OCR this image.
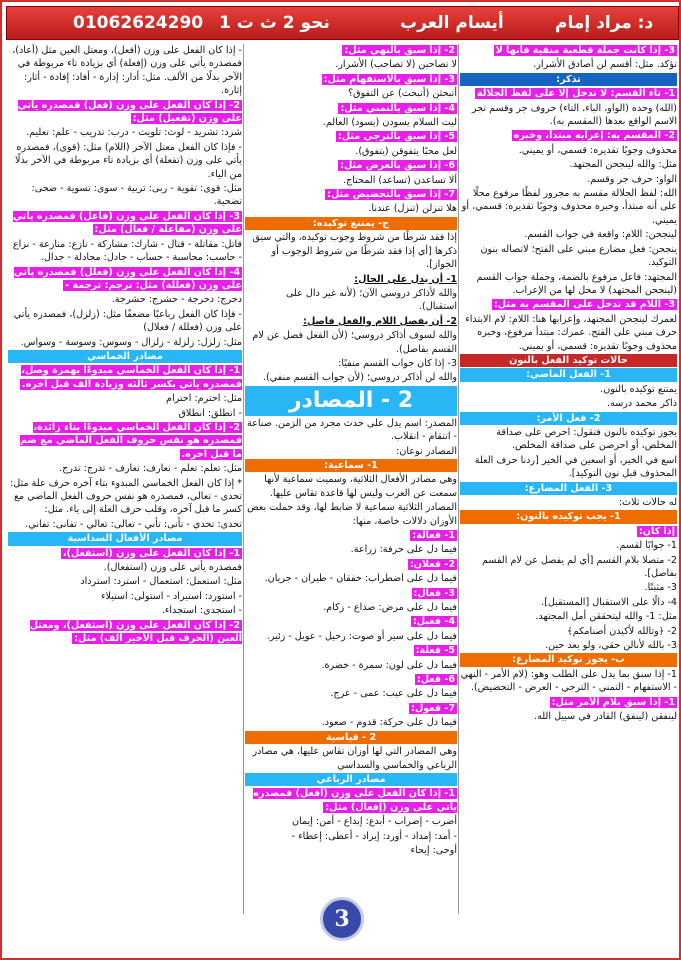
01062624290 نحو 2 ث ت 1	أيسام العرب	د: مراد إمام

3- إذا كانت جملة قطعية منفية فأنها لا

تؤكد. مثل: أقسم لن أصادق الأشرار.

تذكر:

1- تاء القسم: لا تدخل إلا على لفظ الجلالة

(الله) وحده (الواو، الباء، التاء) حروف جر وقسم تجر الاسم الواقع بعدها (المقسم به).

2- المقسم به: إعرابه مبتدأ، وخبره

محذوف وجوبًا تقديره: قسمي، أو يميني.

مثل: والله لينجحن المجتهد.

الواو: حرف جر وقسم.

الله: لفظ الجلالة مقسم به مجرور لفظًا مرفوع محلًا على أنه مبتدأ، وخبره محذوف وجوبًا تقديره: قسمي، أو يميني.

لينجحن: اللام: واقعة في جواب القسم.

ينجحن: فعل مضارع مبني على الفتح؛ لاتصاله بنون التوكيد.

المجتهد: فاعل مرفوع بالضمة، وجملة جواب القسم (لينجحن المجتهد) لا محل لها من الإعراب.

3- اللام قد تدخل على المقسم به مثل:

لعمرك لينجحن المجتهد، وإعرابها هنا: اللام: لام الابتداء حرف مبني على الفتح. عمرك: مبتدأ مرفوع، وخبره محذوف وجوبًا تقديره: قسمي، أو يميني.

حالات توكيد الفعل بالنون

1- الفعل الماضي:

يمتنع توكيده بالنون.

ذاكر محمد درسه.

2- فعل الأمر:

يجوز توكيده بالنون فتقول: احرص على صداقة المخلص، أو احرصن على صداقة المخلص.

اسع في الخير، أو اسعين في الخير [ردنا حرف العلة المحذوف قبل نون التوكيد].

3- الفعل المضارع:

له حالات ثلاث:

1- يجب توكيده بالنون:

إذا كان:

1- جوابًا لقسم.

2- متصلا بلام القسم [أي لم يفصل عن لام القسم بفاصل].

3- مثبتًا.

4- دالًا على الاستقبال [المستقبل].

مثل: 1- والله ليتحققن أمل المجتهد.

2- ﴿وتالله لأكيدن أصنامكم﴾

3- بالله لأنالن حقي، ولو بعد حين.

ب- يجوز توكيد المضارع:

1- إذا سبق بما يدل على الطلب وهو: (لام الأمر - النهي - الاستفهام - التمني - الترجي - العرض - التحضيض).

1- إذا سبق بلام الأمر مثل:

لينفقن (لينفق) القادر في سبيل الله.

2- إذا سبق بالنهي مثل:

لا تصاحبن (لا تصاحب) الأشرار.

3- إذا سبق بالاستفهام مثل:

أتبحثن (أتبحث) عن التفوق؟

4- إذا سبق بالتمني مثل:

ليت السلام يسودن (يسود) العالم.

5- إذا سبق بالترجي مثل:

لعل محبًا يتفوقن (يتفوق).

6- إذا سبق بالعرض مثل:

ألا تساعدن (تساعد) المحتاج.

7- إذا سبق بالتحضيض مثل:

هلا تنزلن (تنزل) عندنا.

ج- يمتنع توكيده:

إذا فقد شرطًا من شروط وجوب توكيده، والتي سبق ذكرها [أي إذا فقد شرطًا من شروط الوجوب أو الجواز].

1- أن يدل على الحال:

والله لأذاكر دروسي الآن؛ (لأنه غير دال على استقبال).

2- أن يفصل اللام والفعل فاصل:

والله لسوف أذاكر دروسي؛ (لأن الفعل فصل عن لام القسم بفاصل).

3- إذا كان جواب القسم منفيًا:

والله لن أذاكر دروسي؛ (لأن جواب القسم منفي).

2 - المصادر

المصدر: اسم يدل على حدث مجرد من الزمن. صناعة - انتقام - انقلاب.

المصادر نوعان:

1- سماعية:

وهي مصادر الأفعال الثلاثية، وسميت سماعية لأنها سمعت عن العرب وليس لها قاعدة تقاس عليها.

المصادر الثلاثية سماعية لا ضابط لها، وقد حملت بعض الأوزان دلالات خاصة، منها:

1- فعالة:

فيما دل على حرفة: زراعة.

2- فعلان:

فيما دل على اضطراب: خفقان - طيران - جريان.

3- فعال:

فيما دل على مرض: صداع - زكام.

4- فعيل:

فيما دل على سير أو صوت: رحيل - عويل - زئير.

5- فعلة:

فيما دل على لون: سمرة - خضرة.

6- فعل:

فيما دل على عيب: عمى - عرج.

7- فعول:

فيما دل على حركة: قدوم - صعود.

2 - قياسية

وهي المصادر التي لها أوزان تقاس عليها، هي مصادر الرباعي والخماسي والسداسي

مصادر الرباعي

1- إذا كان الفعل على وزن (أفعل) فمصدره يأتي على وزن (إفعال) مثل:

أضرب - إضراب - أبدع: إبداع - أمن: إيمان

- أمد: إمداد - أورد: إيراد - أعطى: إعطاء -

أوحى: إيحاء

- إذا كان الفعل على وزن (أفعل)، ومعتل العين مثل (أعاد)، فمصدره يأتي على وزن (إفعلة) أي بزيادة تاء مربوطة في الآخر بدلًا من الألف. مثل: أدار: إدارة - أفاد: إفادة - أثار: إثارة.

2- إذا كان الفعل على وزن (فعل) فمصدره يأتي على وزن (تفعيل) مثل:

شرد: تشريد - لوث: تلويث - درب: تدريب - علم: تعليم.

- فإذا كان الفعل معتل الآخر (اللام) مثل: (قوى)، فمصدره يأتي على وزن (تفعلة) أي بزيادة تاء مربوطة في الآخر بدلًا من الياء.

مثل: قوى: تقوية - ربى: تربية - سوى: تسوية - ضحى: تضحية.

3- إذا كان الفعل على وزن (فاعل) فمصدره يأتي على وزن (مفاعلة / فعال) مثل:

قاتل: مقاتلة - قتال - شارك: مشاركة - نازع: منازعة - نزاع - حاسب: محاسبة - حساب - جادل: مجادلة - جدال.

4- إذا كان الفعل على وزن (فعلل) فمصدره يأتي على وزن (فعللة) مثل: ترجم: ترجمة -

دحرج: دحرجة - حشرج: حشرجة.

- فإذا كان الفعل رباعيًا مضعفًا مثل: (زلزل)، فمصدره يأتي على وزن (فعللة / فعلال)

مثل: زلزل: زلزلة - زلزال - وسوس: وسوسة - وسواس.

مصادر الخماسي

1- إذا كان الفعل الخماسي مبدوءًا بهمزة وصل، فمصدره يأتي بكسر ثالثه وزيادة ألف قبل آخره.

مثل: احترم: احترام

- انطلق: انطلاق

2- إذا كان الفعل الخماسي مبدوءًا بتاء زائدة، فمصدره هو نفس حروف الفعل الماضي مع ضم ما قبل آخره.

مثل: تعلم: تعلم - تعارف: تعارف - تدرج: تدرج.

* إذا كان الفعل الخماسي المبدوء بتاء آخره حرف علة مثل: تحدى - تعالى، فمصدره هو نفس حروف الفعل الماضي مع كسر ما قبل آخره، وقلب حرف العلة إلى ياء. مثل:

تحدى: تحدي - تأنى: تأني - تعالى: تعالي - تفانى: تفاني.

مصادر الأفعال السداسية

1- إذا كان الفعل على وزن (استفعل)،

فمصدره يأتي على وزن (استفعال).

مثل: استعمل: استعمال - استرد: استرداد

- استورد: استيراد - استولى: استيلاء

- استجدى: استجداء.

2- إذا كان الفعل على وزن (استفعل)، ومعتل العين (الحرف قبل الأخير ألف) مثل:

3
